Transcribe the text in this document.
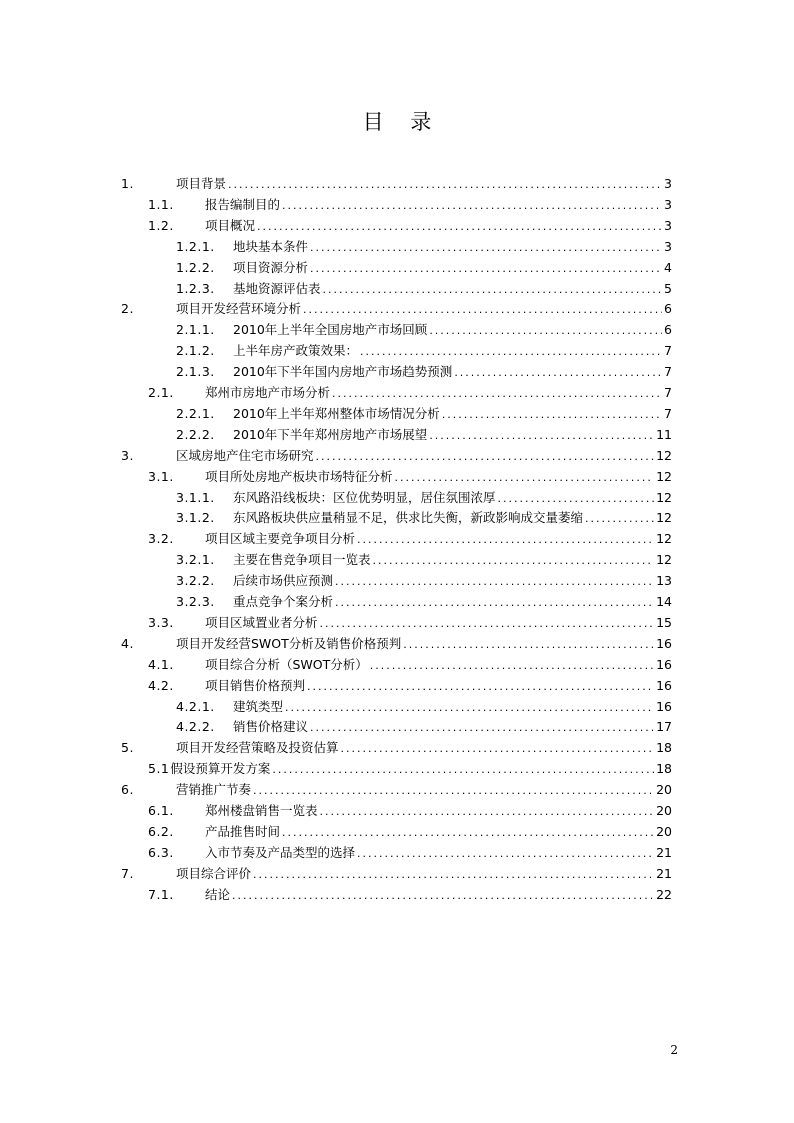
目    录
1.	项目背景 .....	3
1.1.	报告编制目的 .....	3
1.2.	项目概况 .....	3
1.2.1.	地块基本条件 .....	3
1.2.2.	项目资源分析 .....	4
1.2.3.	基地资源评估表 .....	5
2.	项目开发经营环境分析 .....	6
2.1.1.	2010年上半年全国房地产市场回顾 .....	6
2.1.2.	上半年房产政策效果： .....	7
2.1.3.	2010年下半年国内房地产市场趋势预测 .....	7
2.1.	郑州市房地产市场分析 .....	7
2.2.1.	2010年上半年郑州整体市场情况分析 .....	7
2.2.2.	2010年下半年郑州房地产市场展望 .....	11
3.	区域房地产住宅市场研究 .....	12
3.1.	项目所处房地产板块市场特征分析 .....	12
3.1.1.	东风路沿线板块：区位优势明显，居住氛围浓厚 .....	12
3.1.2.	东风路板块供应量稍显不足，供求比失衡，新政影响成交量萎缩 .....	12
3.2.	项目区域主要竞争项目分析 .....	12
3.2.1.	主要在售竞争项目一览表 .....	12
3.2.2.	后续市场供应预测 .....	13
3.2.3.	重点竞争个案分析 .....	14
3.3.	项目区域置业者分析 .....	15
4.	项目开发经营SWOT分析及销售价格预判 .....	16
4.1.	项目综合分析（SWOT分析） .....	16
4.2.	项目销售价格预判 .....	16
4.2.1.	建筑类型 .....	16
4.2.2.	销售价格建议 .....	17
5.	项目开发经营策略及投资估算 .....	18
5.1 假设预算开发方案 .....	18
6.	营销推广节奏 .....	20
6.1.	郑州楼盘销售一览表 .....	20
6.2.	产品推售时间 .....	20
6.3.	入市节奏及产品类型的选择 .....	21
7.	项目综合评价 .....	21
7.1.	结论 .....	22
2
